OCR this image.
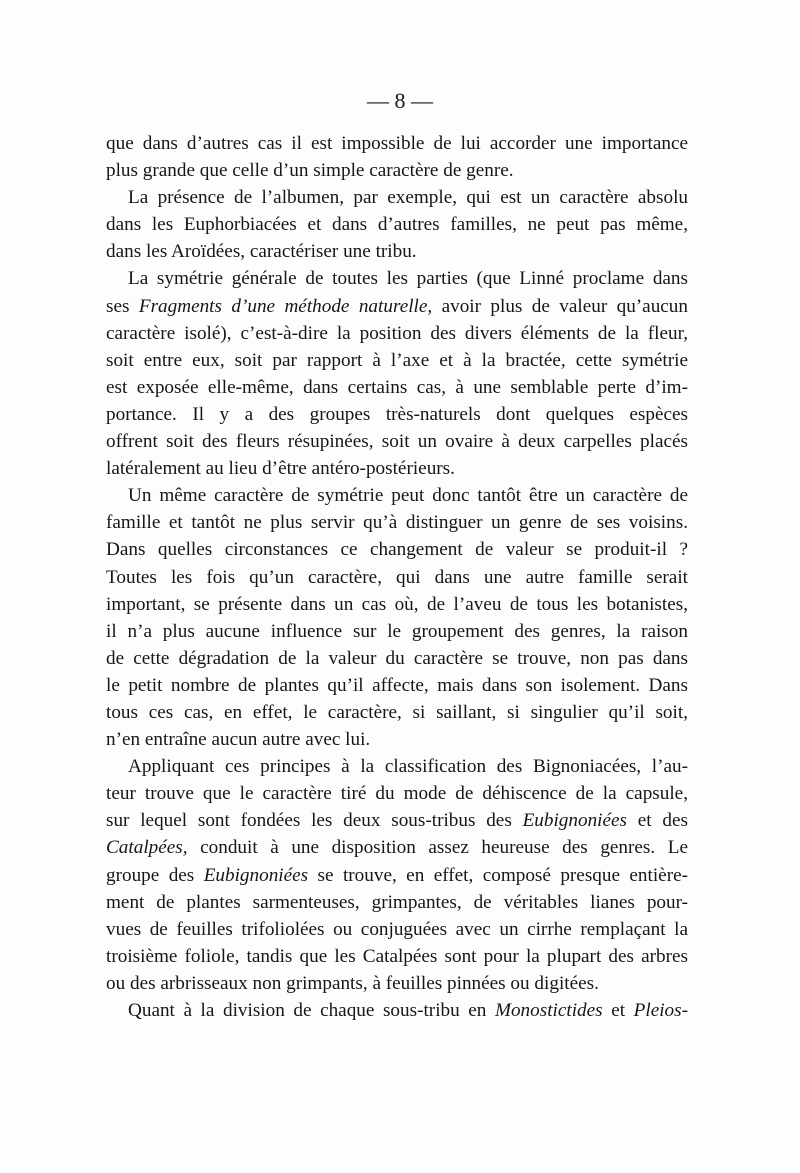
— 8 —
que dans d’autres cas il est impossible de lui accorder une importance
plus grande que celle d’un simple caractère de genre.
La présence de l’albumen, par exemple, qui est un caractère absolu
dans les Euphorbiacées et dans d’autres familles, ne peut pas même,
dans les Aroïdées, caractériser une tribu.
La symétrie générale de toutes les parties (que Linné proclame dans
ses Fragments d’une méthode naturelle, avoir plus de valeur qu’aucun
caractère isolé), c’est-à-dire la position des divers éléments de la fleur,
soit entre eux, soit par rapport à l’axe et à la bractée, cette symétrie
est exposée elle-même, dans certains cas, à une semblable perte d’im-
portance. Il y a des groupes très-naturels dont quelques espèces
offrent soit des fleurs résupinées, soit un ovaire à deux carpelles placés
latéralement au lieu d’être antéro-postérieurs.
Un même caractère de symétrie peut donc tantôt être un caractère de
famille et tantôt ne plus servir qu’à distinguer un genre de ses voisins.
Dans quelles circonstances ce changement de valeur se produit-il ?
Toutes les fois qu’un caractère, qui dans une autre famille serait
important, se présente dans un cas où, de l’aveu de tous les botanistes,
il n’a plus aucune influence sur le groupement des genres, la raison
de cette dégradation de la valeur du caractère se trouve, non pas dans
le petit nombre de plantes qu’il affecte, mais dans son isolement. Dans
tous ces cas, en effet, le caractère, si saillant, si singulier qu’il soit,
n’en entraîne aucun autre avec lui.
Appliquant ces principes à la classification des Bignoniacées, l’au-
teur trouve que le caractère tiré du mode de déhiscence de la capsule,
sur lequel sont fondées les deux sous-tribus des Eubignoniées et des
Catalpées, conduit à une disposition assez heureuse des genres. Le
groupe des Eubignoniées se trouve, en effet, composé presque entière-
ment de plantes sarmenteuses, grimpantes, de véritables lianes pour-
vues de feuilles trifoliolées ou conjuguées avec un cirrhe remplaçant la
troisième foliole, tandis que les Catalpées sont pour la plupart des arbres
ou des arbrisseaux non grimpants, à feuilles pinnées ou digitées.
Quant à la division de chaque sous-tribu en Monostictides et Pleios-
